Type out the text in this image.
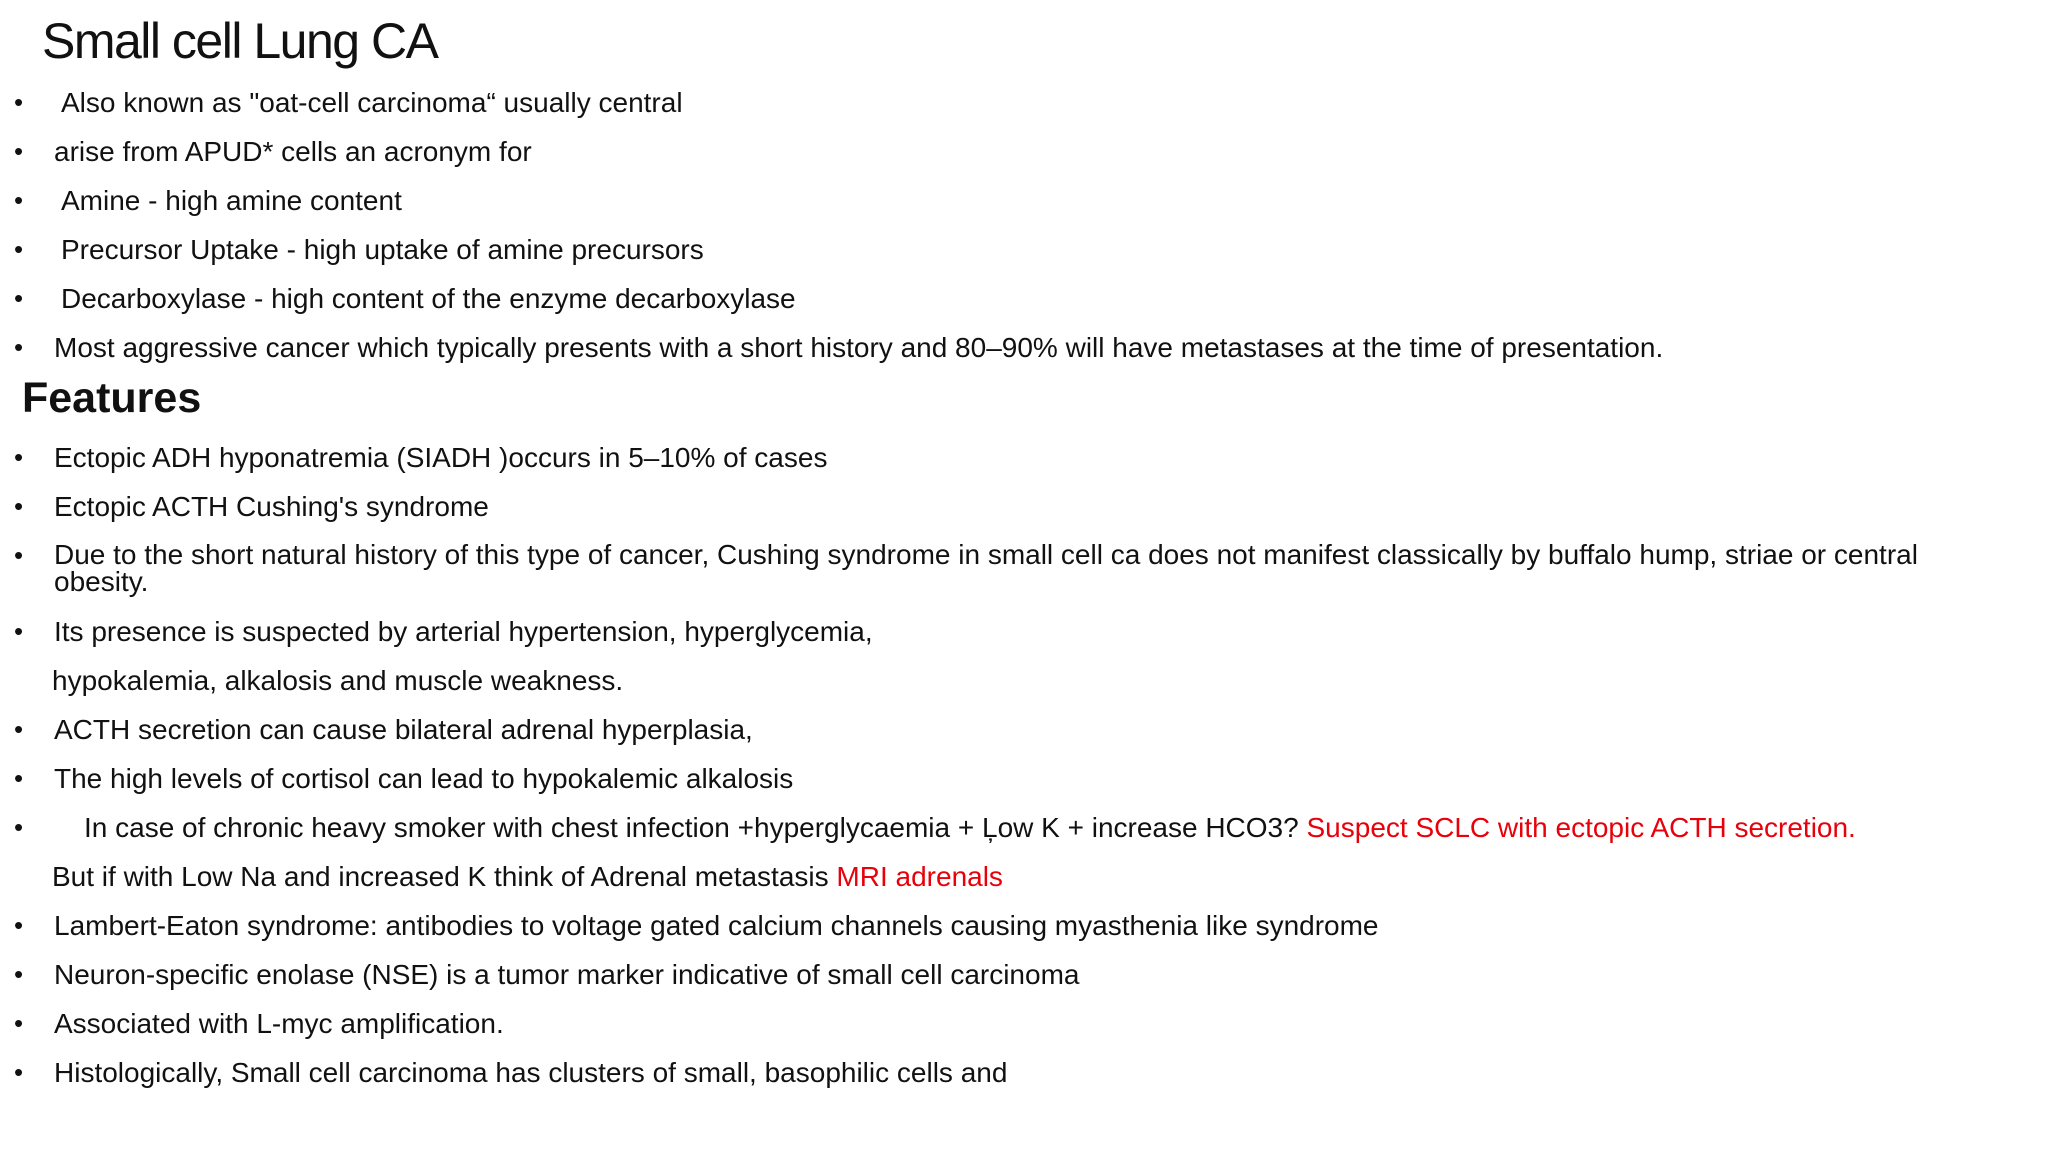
Small cell Lung CA
• Also known as "oat-cell carcinoma“ usually central
• arise from APUD* cells an acronym for
• Amine - high amine content
• Precursor Uptake - high uptake of amine precursors
• Decarboxylase - high content of the enzyme decarboxylase
• Most aggressive cancer which typically presents with a short history and 80–90% will have metastases at the time of presentation.
Features
• Ectopic ADH hyponatremia (SIADH )occurs in 5–10% of cases
• Ectopic ACTH Cushing's syndrome
• Due to the short natural history of this type of cancer, Cushing syndrome in small cell ca does not manifest classically by buffalo hump, striae or central obesity.
• Its presence is suspected by arterial hypertension, hyperglycemia,
hypokalemia, alkalosis and muscle weakness.
• ACTH secretion can cause bilateral adrenal hyperplasia,
• The high levels of cortisol can lead to hypokalemic alkalosis
• In case of chronic heavy smoker with chest infection +hyperglycaemia + Ļow K + increase HCO3? Suspect SCLC with ectopic ACTH secretion.
But if with Low Na and increased K think of Adrenal metastasis MRI adrenals
• Lambert-Eaton syndrome: antibodies to voltage gated calcium channels causing myasthenia like syndrome
• Neuron-specific enolase (NSE) is a tumor marker indicative of small cell carcinoma
• Associated with L-myc amplification.
• Histologically, Small cell carcinoma has clusters of small, basophilic cells and
